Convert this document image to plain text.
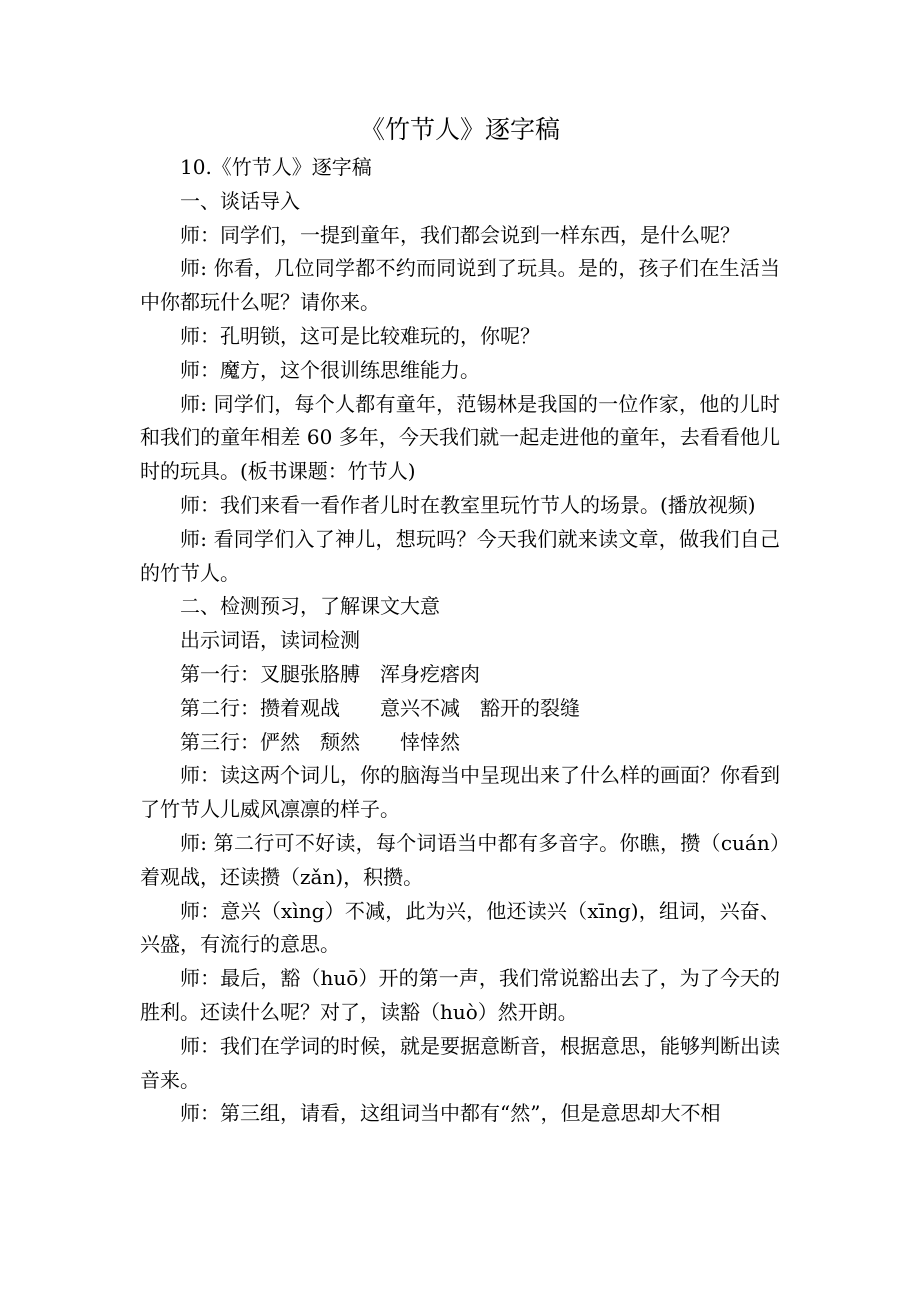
《竹节人》逐字稿

10.《竹节人》逐字稿

一、谈话导入

师：同学们，一提到童年，我们都会说到一样东西，是什么呢？

师: 你看，几位同学都不约而同说到了玩具。是的，孩子们在生活当中你都玩什么呢？请你来。

师：孔明锁，这可是比较难玩的，你呢？

师：魔方，这个很训练思维能力。

师: 同学们，每个人都有童年，范锡林是我国的一位作家，他的儿时和我们的童年相差 60 多年，今天我们就一起走进他的童年，去看看他儿时的玩具。(板书课题：竹节人)

师：我们来看一看作者儿时在教室里玩竹节人的场景。(播放视频)

师: 看同学们入了神儿，想玩吗？今天我们就来读文章，做我们自己的竹节人。

二、检测预习，了解课文大意

出示词语，读词检测

第一行：叉腿张胳膊　浑身疙瘩肉

第二行：攒着观战　　意兴不减　豁开的裂缝

第三行：俨然　颓然　　悻悻然

师：读这两个词儿，你的脑海当中呈现出来了什么样的画面？你看到了竹节人儿威风凛凛的样子。

师: 第二行可不好读，每个词语当中都有多音字。你瞧，攒（cuán）着观战，还读攒（zǎn)，积攒。

师：意兴（xìng）不减，此为兴，他还读兴（xīng)，组词，兴奋、兴盛，有流行的意思。

师：最后，豁（huō）开的第一声，我们常说豁出去了，为了今天的胜利。还读什么呢？对了，读豁（huò）然开朗。

师：我们在学词的时候，就是要据意断音，根据意思，能够判断出读音来。

师：第三组，请看，这组词当中都有“然”，但是意思却大不相
